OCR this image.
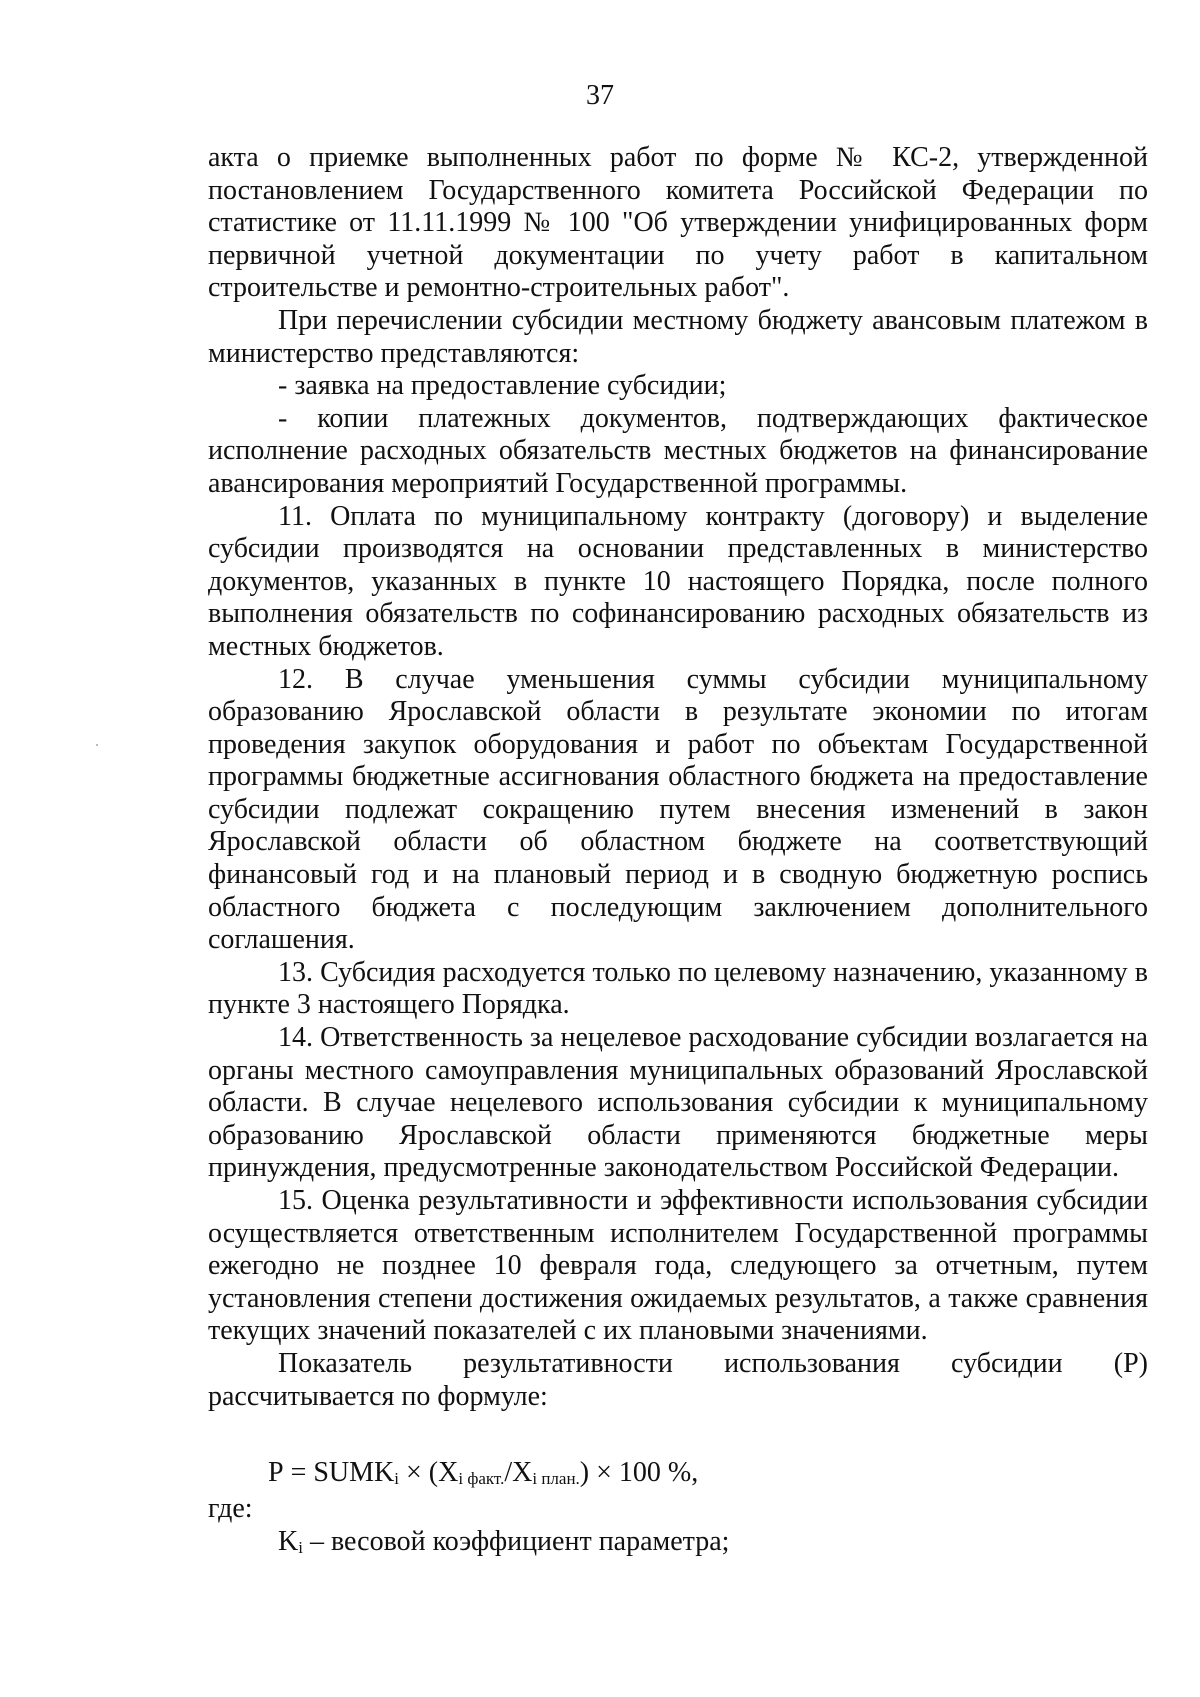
37

акта о приемке выполненных работ по форме № КС-2, утвержденной постановлением Государственного комитета Российской Федерации по статистике от 11.11.1999 № 100 "Об утверждении унифицированных форм первичной учетной документации по учету работ в капитальном строительстве и ремонтно-строительных работ".

При перечислении субсидии местному бюджету авансовым платежом в министерство представляются:

- заявка на предоставление субсидии;

- копии платежных документов, подтверждающих фактическое исполнение расходных обязательств местных бюджетов на финансирование авансирования мероприятий Государственной программы.

11. Оплата по муниципальному контракту (договору) и выделение субсидии производятся на основании представленных в министерство документов, указанных в пункте 10 настоящего Порядка, после полного выполнения обязательств по софинансированию расходных обязательств из местных бюджетов.

12. В случае уменьшения суммы субсидии муниципальному образованию Ярославской области в результате экономии по итогам проведения закупок оборудования и работ по объектам Государственной программы бюджетные ассигнования областного бюджета на предоставление субсидии подлежат сокращению путем внесения изменений в закон Ярославской области об областном бюджете на соответствующий финансовый год и на плановый период и в сводную бюджетную роспись областного бюджета с последующим заключением дополнительного соглашения.

13. Субсидия расходуется только по целевому назначению, указанному в пункте 3 настоящего Порядка.

14. Ответственность за нецелевое расходование субсидии возлагается на органы местного самоуправления муниципальных образований Ярославской области. В случае нецелевого использования субсидии к муниципальному образованию Ярославской области применяются бюджетные меры принуждения, предусмотренные законодательством Российской Федерации.

15. Оценка результативности и эффективности использования субсидии осуществляется ответственным исполнителем Государственной программы ежегодно не позднее 10 февраля года, следующего за отчетным, путем установления степени достижения ожидаемых результатов, а также сравнения текущих значений показателей с их плановыми значениями.

Показатель результативности использования субсидии (Р) рассчитывается по формуле:

$Р = SUMK_i \times (X_{i факт.}/X_{i план.}) \times 100$ %,

где:

$K_i$ – весовой коэффициент параметра;
